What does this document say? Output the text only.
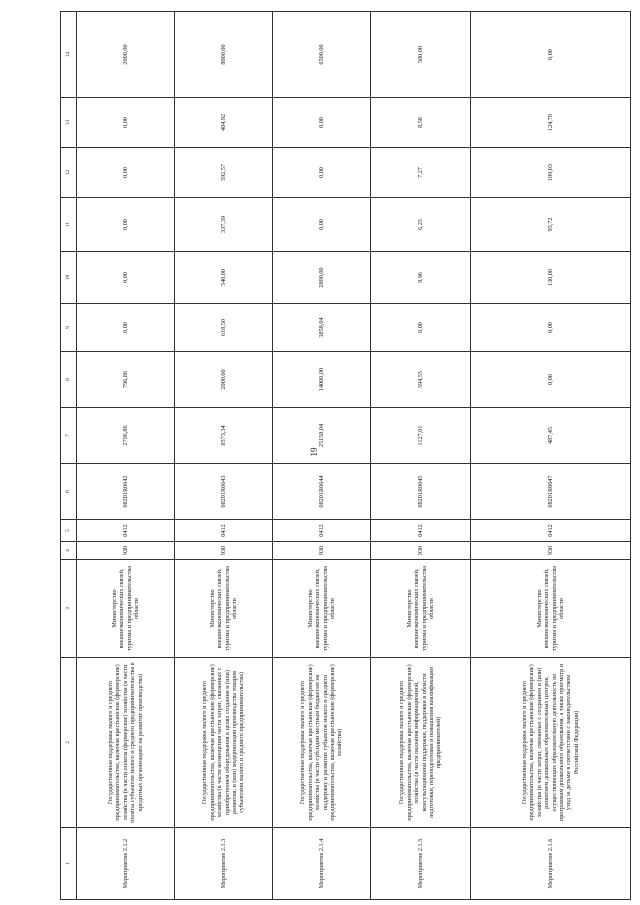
19
1	2	3	4	5	6	7	8	9	10	11	12	13	14
Мероприятие 2.1.2	Государственная поддержка малого и среднего предпринимательства, включая крестьянские (фермерские) хозяйства (в части оплаты (фермерские) хозяйства (в части оплаты субъектам малого и среднего предпринимательства в кредитных организациях на развитие производства)	Министерство внешнеэкономических связей, туризма и предпринимательства области	930	0412	08201R0642	2796,86	796,86	0,00	0,00	0,00	0,00	0,00	2000,00
Мероприятие 2.1.3	Государственная поддержка малого и среднего предпринимательства, включая крестьянские (фермерские) хозяйства (в части возмещения части затрат, связанных с приобретением оборудования в целях создания и (или) развития, и (или) модернизации производства товаров субъектами малого и среднего предпринимательства)	Министерство внешнеэкономических связей, туризма и предпринимательства области	930	0412	08201R0643	8573,34	2000,00	618,50	540,00	337,39	592,57	484,92	8000,00
Мероприятие 2.1.4	Государственная поддержка малого и среднего предпринимательства, включая крестьянские (фермерские) хозяйства (в части субсидии местным бюджетам на поддержку и развитие субъектов малого и среднего предпринимательства, включая крестьянские (фермерские) хозяйства)	Министерство внешнеэкономических связей, туризма и предпринимательства области	930	0412	08201R0644	25158,04	14000,00	3858,04	2800,00	0,00	0,00	0,00	6500,00
Мероприятие 2.1.5	Государственная поддержка малого и среднего предпринимательства, включая крестьянские (фермерские) хозяйства (в части оказания информационной, консультационной поддержки, поддержки в области подготовки, переподготовки и повышения квалификации предпринимателей)	Министерство внешнеэкономических связей, туризма и предпринимательства области	930	0412	08201R0645	1127,01	594,55	0,00	9,96	6,25	7,27	8,58	500,00
Мероприятие 2.1.6	Государственная поддержка малого и среднего предпринимательства, включая крестьянские (фермерские) хозяйства (в части затрат, связанных с созданием и (или) развитием дошкольных образовательных центров, осуществляющих образовательную деятельность по программам дошкольного образования, а также присмотр и уход за детьми в соответствии с законодательством Российской Федерации)	Министерство внешнеэкономических связей, туризма и предпринимательства области	930	0412	08201R0647	487,45	0,00	0,00	130,00	93,72	109,03	124,70	0,00
